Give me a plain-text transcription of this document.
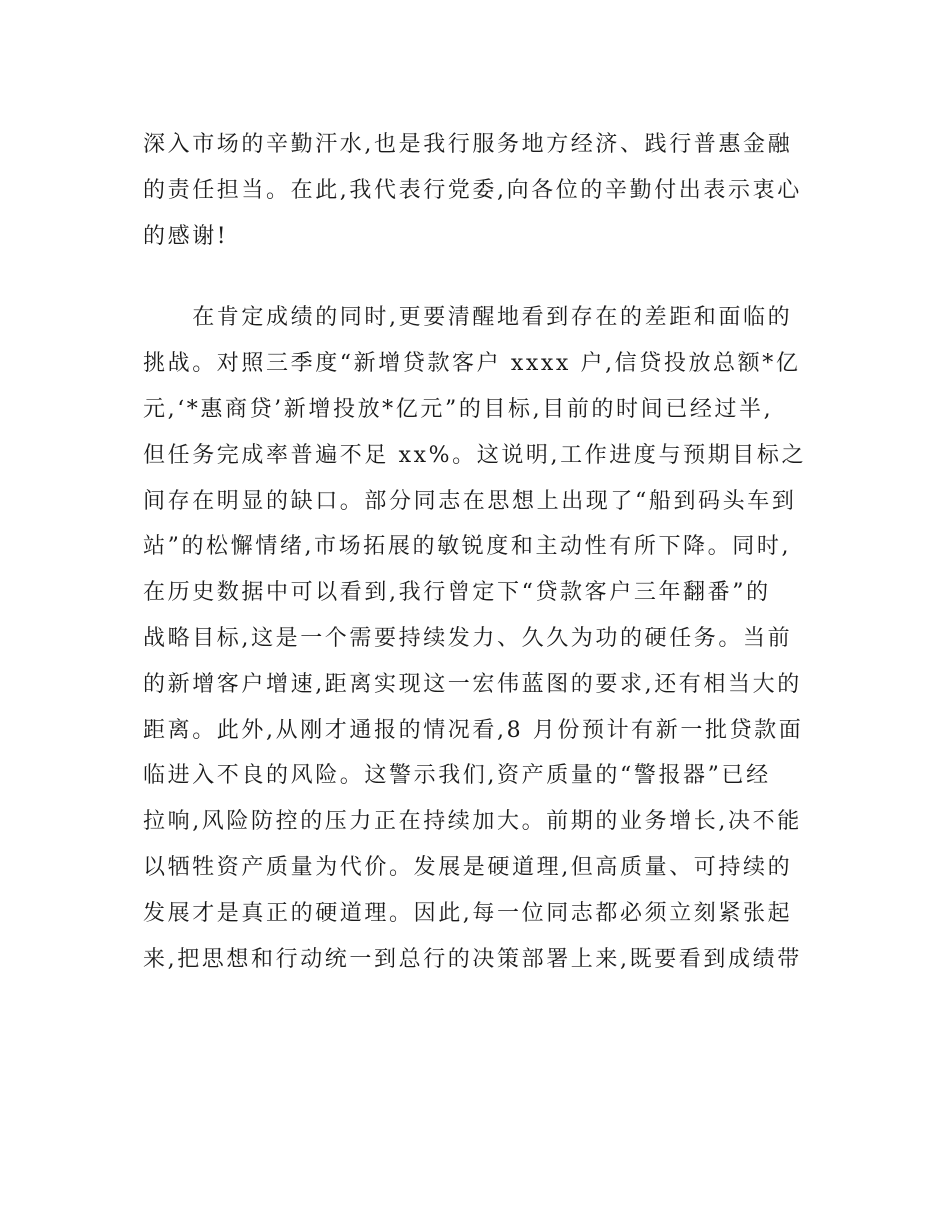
深入市场的辛勤汗水,也是我行服务地方经济、践行普惠金融
的责任担当。在此,我代表行党委,向各位的辛勤付出表示衷心
的感谢!
　　在肯定成绩的同时,更要清醒地看到存在的差距和面临的
挑战。对照三季度“新增贷款客户 xxxx 户,信贷投放总额*亿
元,‘*惠商贷’新增投放*亿元”的目标,目前的时间已经过半,
但任务完成率普遍不足 xx%。这说明,工作进度与预期目标之
间存在明显的缺口。部分同志在思想上出现了“船到码头车到
站”的松懈情绪,市场拓展的敏锐度和主动性有所下降。同时,
在历史数据中可以看到,我行曾定下“贷款客户三年翻番”的
战略目标,这是一个需要持续发力、久久为功的硬任务。当前
的新增客户增速,距离实现这一宏伟蓝图的要求,还有相当大的
距离。此外,从刚才通报的情况看,8 月份预计有新一批贷款面
临进入不良的风险。这警示我们,资产质量的“警报器”已经
拉响,风险防控的压力正在持续加大。前期的业务增长,决不能
以牺牲资产质量为代价。发展是硬道理,但高质量、可持续的
发展才是真正的硬道理。因此,每一位同志都必须立刻紧张起
来,把思想和行动统一到总行的决策部署上来,既要看到成绩带
